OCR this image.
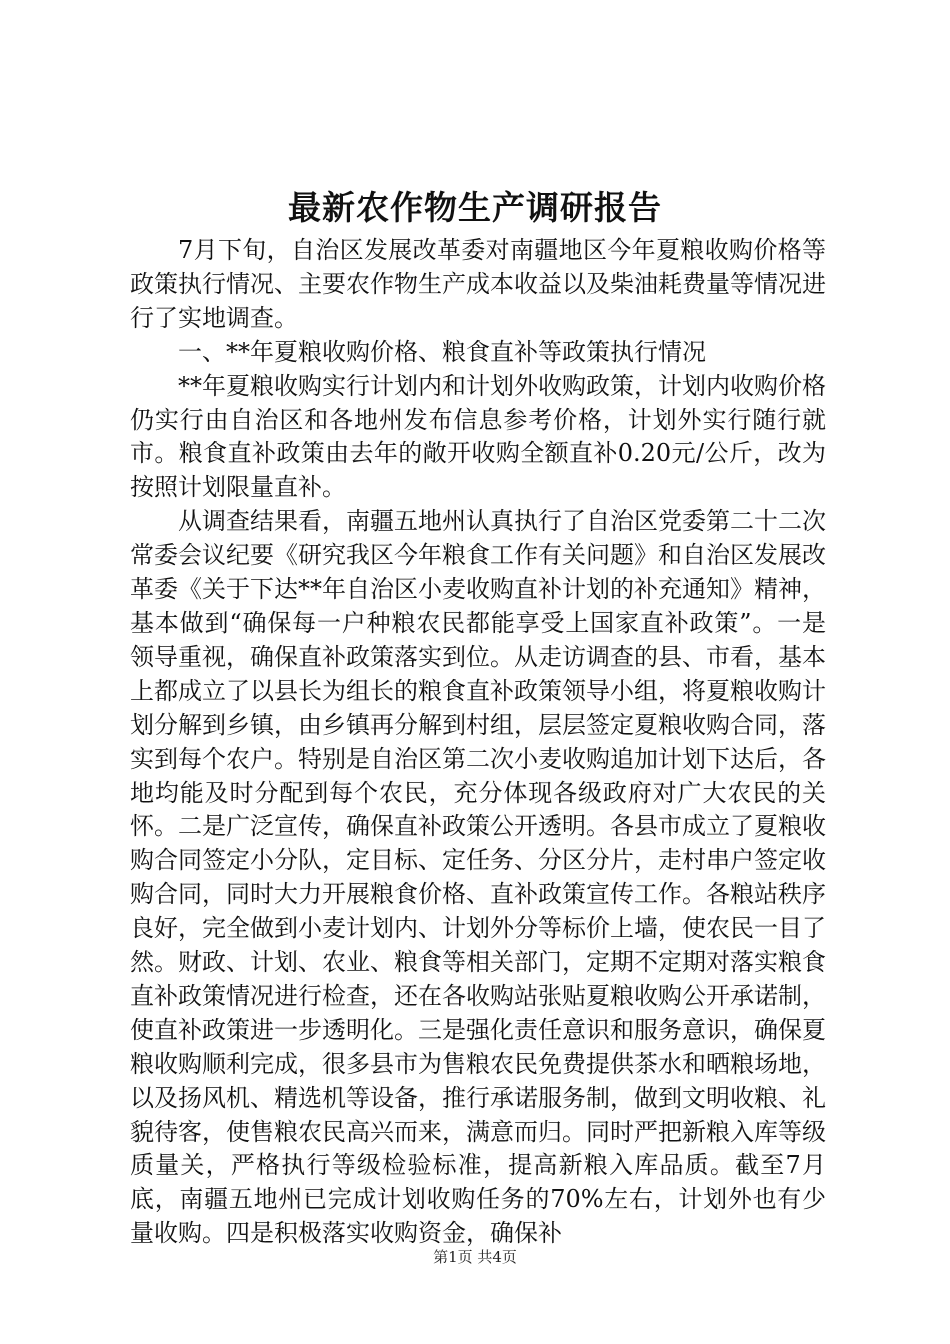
最新农作物生产调研报告

7月下旬，自治区发展改革委对南疆地区今年夏粮收购价格等政策执行情况、主要农作物生产成本收益以及柴油耗费量等情况进行了实地调查。

一、**年夏粮收购价格、粮食直补等政策执行情况

**年夏粮收购实行计划内和计划外收购政策，计划内收购价格仍实行由自治区和各地州发布信息参考价格，计划外实行随行就市。粮食直补政策由去年的敞开收购全额直补0.20元/公斤，改为按照计划限量直补。

从调查结果看，南疆五地州认真执行了自治区党委第二十二次常委会议纪要《研究我区今年粮食工作有关问题》和自治区发展改革委《关于下达**年自治区小麦收购直补计划的补充通知》精神，基本做到“确保每一户种粮农民都能享受上国家直补政策”。一是领导重视，确保直补政策落实到位。从走访调查的县、市看，基本上都成立了以县长为组长的粮食直补政策领导小组，将夏粮收购计划分解到乡镇，由乡镇再分解到村组，层层签定夏粮收购合同，落实到每个农户。特别是自治区第二次小麦收购追加计划下达后，各地均能及时分配到每个农民，充分体现各级政府对广大农民的关怀。二是广泛宣传，确保直补政策公开透明。各县市成立了夏粮收购合同签定小分队，定目标、定任务、分区分片，走村串户签定收购合同，同时大力开展粮食价格、直补政策宣传工作。各粮站秩序良好，完全做到小麦计划内、计划外分等标价上墙，使农民一目了然。财政、计划、农业、粮食等相关部门，定期不定期对落实粮食直补政策情况进行检查，还在各收购站张贴夏粮收购公开承诺制，使直补政策进一步透明化。三是强化责任意识和服务意识，确保夏粮收购顺利完成，很多县市为售粮农民免费提供茶水和晒粮场地，以及扬风机、精选机等设备，推行承诺服务制，做到文明收粮、礼貌待客，使售粮农民高兴而来，满意而归。同时严把新粮入库等级质量关，严格执行等级检验标准，提高新粮入库品质。截至7月底，南疆五地州已完成计划收购任务的70%左右，计划外也有少量收购。四是积极落实收购资金，确保补

第1页 共4页
